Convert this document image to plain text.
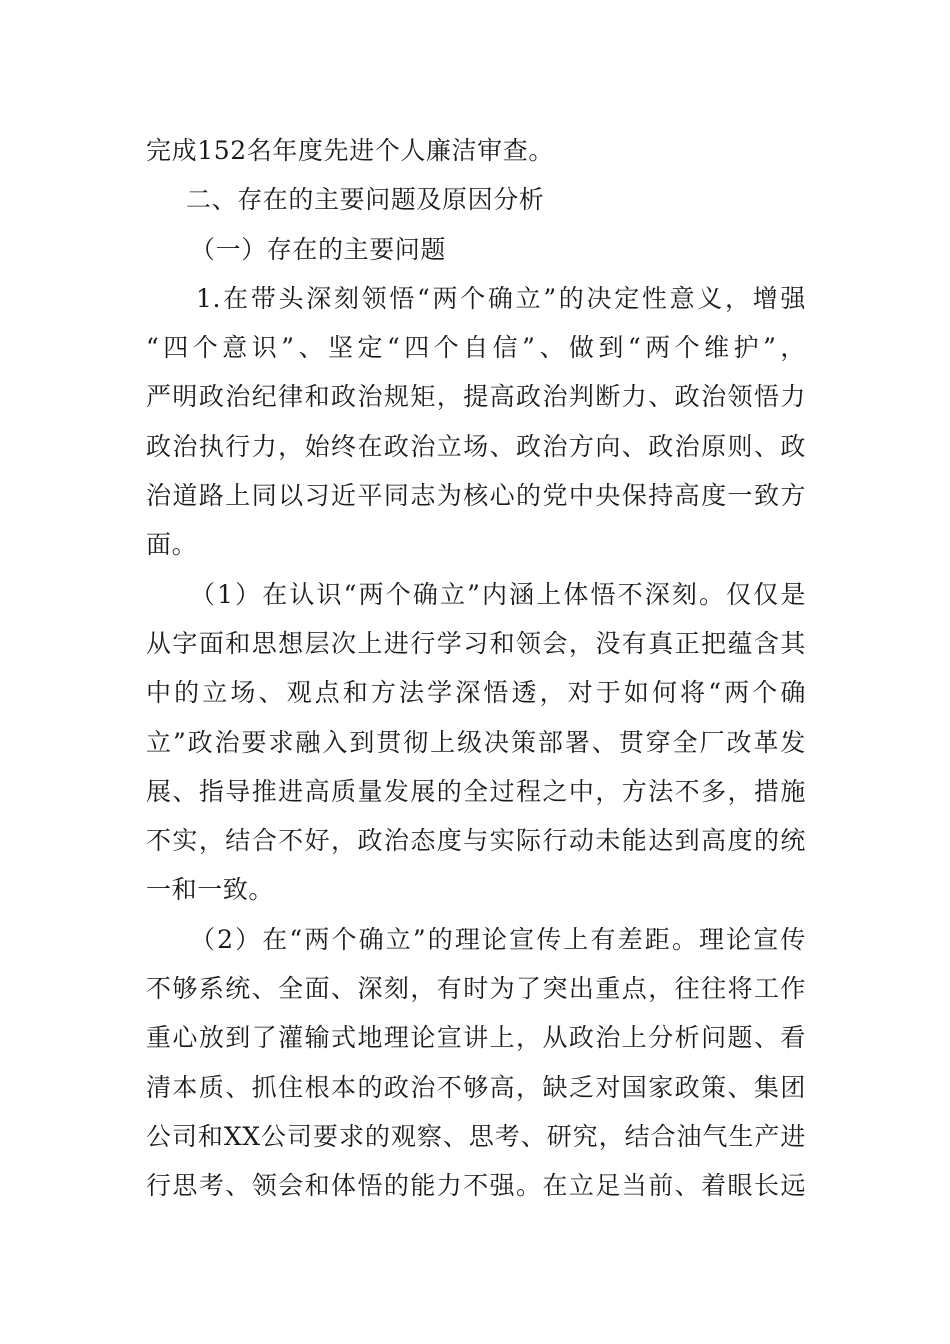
完成152名年度先进个人廉洁审查。
二、存在的主要问题及原因分析
（一）存在的主要问题
1.在带头深刻领悟“两个确立”的决定性意义，增强
“四个意识”、坚定“四个自信”、做到“两个维护”，
严明政治纪律和政治规矩，提高政治判断力、政治领悟力
政治执行力，始终在政治立场、政治方向、政治原则、政
治道路上同以习近平同志为核心的党中央保持高度一致方
面。
（1）在认识“两个确立”内涵上体悟不深刻。仅仅是
从字面和思想层次上进行学习和领会，没有真正把蕴含其
中的立场、观点和方法学深悟透，对于如何将“两个确
立”政治要求融入到贯彻上级决策部署、贯穿全厂改革发
展、指导推进高质量发展的全过程之中，方法不多，措施
不实，结合不好，政治态度与实际行动未能达到高度的统
一和一致。
（2）在“两个确立”的理论宣传上有差距。理论宣传
不够系统、全面、深刻，有时为了突出重点，往往将工作
重心放到了灌输式地理论宣讲上，从政治上分析问题、看
清本质、抓住根本的政治不够高，缺乏对国家政策、集团
公司和XX公司要求的观察、思考、研究，结合油气生产进
行思考、领会和体悟的能力不强。在立足当前、着眼长远
